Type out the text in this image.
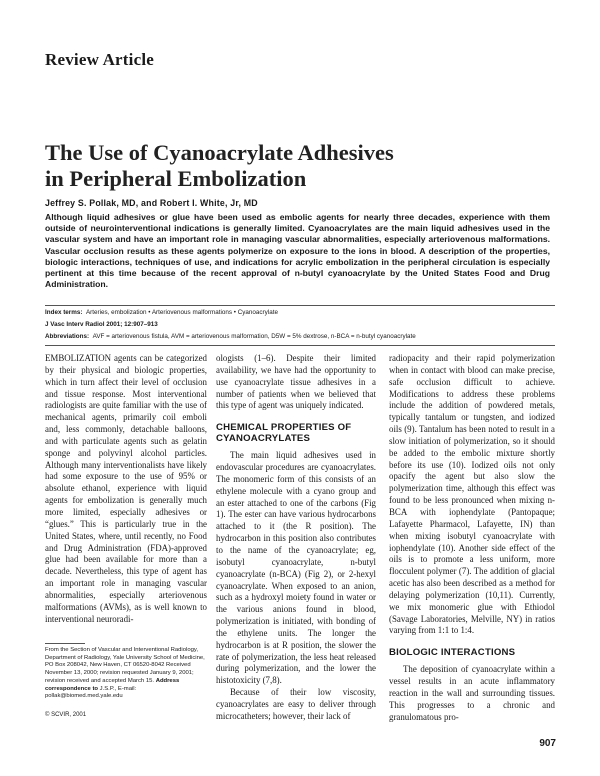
Review Article
The Use of Cyanoacrylate Adhesives
in Peripheral Embolization
Jeffrey S. Pollak, MD, and Robert I. White, Jr, MD
Although liquid adhesives or glue have been used as embolic agents for nearly three decades, experience with them outside of neurointerventional indications is generally limited. Cyanoacrylates are the main liquid adhesives used in the vascular system and have an important role in managing vascular abnormalities, especially arteriovenous malformations. Vascular occlusion results as these agents polymerize on exposure to the ions in blood. A description of the properties, biologic interactions, techniques of use, and indications for acrylic embolization in the peripheral circulation is especially pertinent at this time because of the recent approval of n-butyl cyanoacrylate by the United States Food and Drug Administration.
Index terms: Arteries, embolization • Arteriovenous malformations • Cyanoacrylate
J Vasc Interv Radiol 2001; 12:907–913
Abbreviations: AVF = arteriovenous fistula, AVM = arteriovenous malformation, D5W = 5% dextrose, n-BCA = n-butyl cyanoacrylate

EMBOLIZATION agents can be categorized by their physical and biologic properties, which in turn affect their level of occlusion and tissue response. Most interventional radiologists are quite familiar with the use of mechanical agents, primarily coil emboli and, less commonly, detachable balloons, and with particulate agents such as gelatin sponge and polyvinyl alcohol particles. Although many interventionalists have likely had some exposure to the use of 95% or absolute ethanol, experience with liquid agents for embolization is generally much more limited, especially adhesives or “glues.” This is particularly true in the United States, where, until recently, no Food and Drug Administration (FDA)-approved glue had been available for more than a decade. Nevertheless, this type of agent has an important role in managing vascular abnormalities, especially arteriovenous malformations (AVMs), as is well known to interventional neuroradi-

ologists (1–6). Despite their limited availability, we have had the opportunity to use cyanoacrylate tissue adhesives in a number of patients when we believed that this type of agent was uniquely indicated.

CHEMICAL PROPERTIES OF CYANOACRYLATES

The main liquid adhesives used in endovascular procedures are cyanoacrylates. The monomeric form of this consists of an ethylene molecule with a cyano group and an ester attached to one of the carbons (Fig 1). The ester can have various hydrocarbons attached to it (the R position). The hydrocarbon in this position also contributes to the name of the cyanoacrylate; eg, isobutyl cyanoacrylate, n-butyl cyanoacrylate (n-BCA) (Fig 2), or 2-hexyl cyanoacrylate. When exposed to an anion, such as a hydroxyl moiety found in water or the various anions found in blood, polymerization is initiated, with bonding of the ethylene units. The longer the hydrocarbon is at R position, the slower the rate of polymerization, the less heat released during polymerization, and the lower the histotoxicity (7,8).

Because of their low viscosity, cyanoacrylates are easy to deliver through microcatheters; however, their lack of

radiopacity and their rapid polymerization when in contact with blood can make precise, safe occlusion difficult to achieve. Modifications to address these problems include the addition of powdered metals, typically tantalum or tungsten, and iodized oils (9). Tantalum has been noted to result in a slow initiation of polymerization, so it should be added to the embolic mixture shortly before its use (10). Iodized oils not only opacify the agent but also slow the polymerization time, although this effect was found to be less pronounced when mixing n-BCA with iophendylate (Pantopaque; Lafayette Pharmacol, Lafayette, IN) than when mixing isobutyl cyanoacrylate with iophendylate (10). Another side effect of the oils is to promote a less uniform, more flocculent polymer (7). The addition of glacial acetic has also been described as a method for delaying polymerization (10,11). Currently, we mix monomeric glue with Ethiodol (Savage Laboratories, Melville, NY) in ratios varying from 1:1 to 1:4.

BIOLOGIC INTERACTIONS

The deposition of cyanoacrylate within a vessel results in an acute inflammatory reaction in the wall and surrounding tissues. This progresses to a chronic and granulomatous pro-

From the Section of Vascular and Interventional Radiology, Department of Radiology, Yale University School of Medicine, PO Box 208042, New Haven, CT 06520-8042 Received November 13, 2000; revision requested January 9, 2001; revision received and accepted March 15. Address correspondence to J.S.P., E-mail: pollak@biomed.med.yale.edu
© SCVIR, 2001
907
